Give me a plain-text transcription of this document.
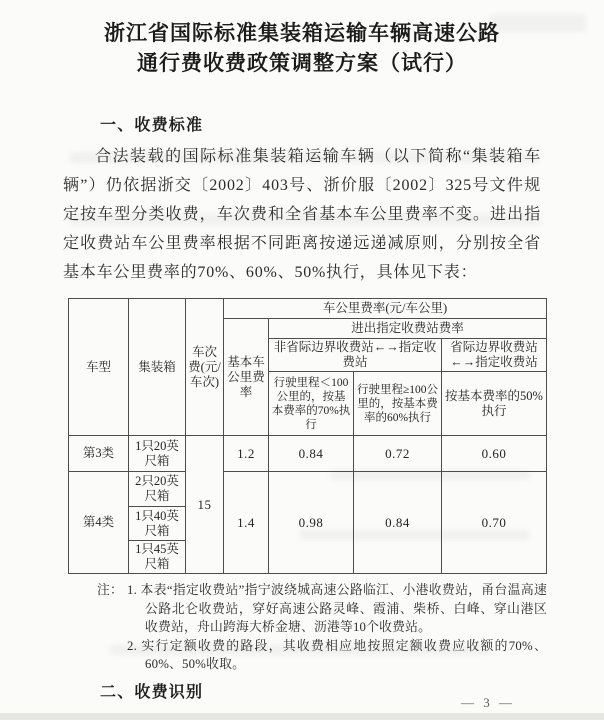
浙江省国际标准集装箱运输车辆高速公路
通行费收费政策调整方案（试行）
一、收费标准
合法装载的国际标准集装箱运输车辆（以下简称“集装箱车辆”）仍依据浙交〔2002〕403号、浙价服〔2002〕325号文件规定按车型分类收费，车次费和全省基本车公里费率不变。进出指定收费站车公里费率根据不同距离按递远递减原则，分别按全省基本车公里费率的70%、60%、50%执行，具体见下表：
车型	集装箱	车次费(元/车次)	车公里费率(元/车公里)			
			基本车公里费率	进出指定收费站费率		
				非省际边界收费站←→指定收费站		省际边界收费站←→指定收费站
				行驶里程＜100公里的，按基本费率的70%执行	行驶里程≥100公里的，按基本费率的60%执行	按基本费率的50%执行
第3类	1只20英尺箱	15	1.2	0.84	0.72	0.60
第4类	2只20英尺箱		1.4	0.98	0.84	0.70
	1只40英尺箱					
	1只45英尺箱					
注： 1. 本表“指定收费站”指宁波绕城高速公路临江、小港收费站，甬台温高速公路北仑收费站，穿好高速公路灵峰、霞浦、柴桥、白峰、穿山港区收费站，舟山跨海大桥金塘、沥港等10个收费站。
2. 实行定额收费的路段，其收费相应地按照定额收费应收额的70%、60%、50%收取。
二、收费识别
— 3 —
